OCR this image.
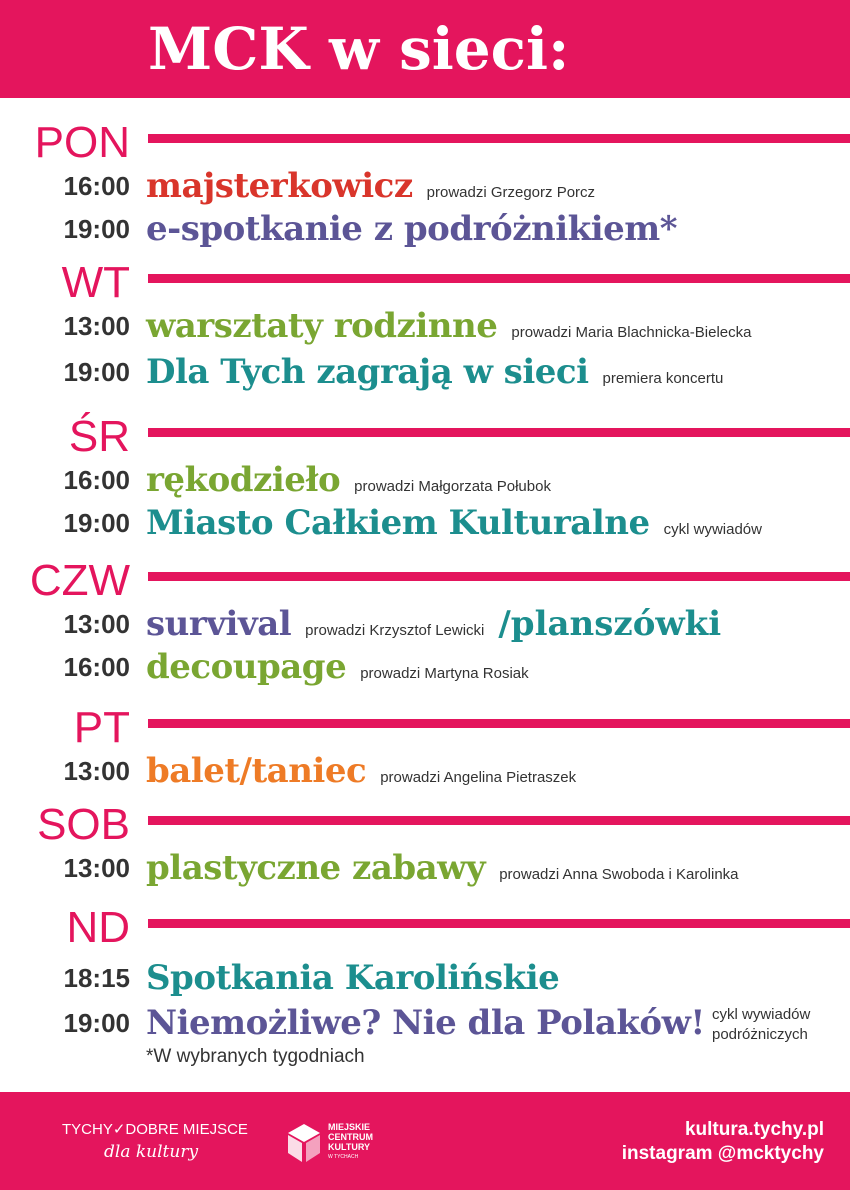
MCK w sieci:
PON
16:00 majsterkowicz prowadzi Grzegorz Porcz
19:00 e-spotkanie z podróżnikiem*
WT
13:00 warsztaty rodzinne prowadzi Maria Blachnicka-Bielecka
19:00 Dla Tych zagrają w sieci premiera koncertu
ŚR
16:00 rękodzieło prowadzi Małgorzata Połubok
19:00 Miasto Całkiem Kulturalne cykl wywiadów
CZW
13:00 survival prowadzi Krzysztof Lewicki /planszówki
16:00 decoupage prowadzi Martyna Rosiak
PT
13:00 balet/taniec prowadzi Angelina Pietraszek
SOB
13:00 plastyczne zabawy prowadzi Anna Swoboda i Karolinka
ND
18:15 Spotkania Karolińskie
19:00 Niemożliwe? Nie dla Polaków! cykl wywiadów
podróżniczych
*W wybranych tygodniach
TYCHY✓DOBRE MIEJSCE
dla kultury
MIEJSKIE
CENTRUM
KULTURY
W TYCHACH
kultura.tychy.pl
instagram @mcktychy
